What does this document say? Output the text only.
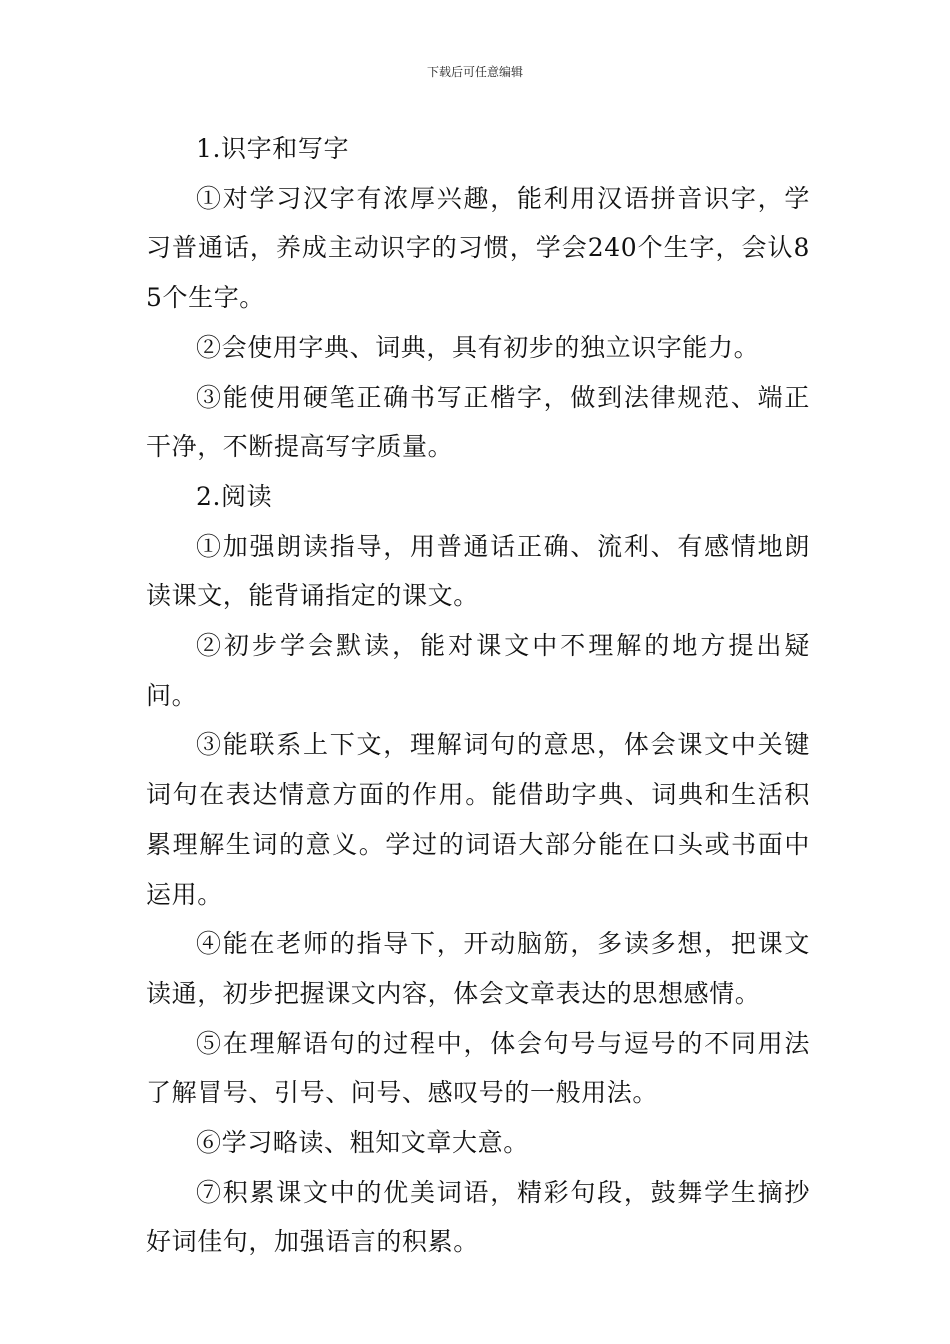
下载后可任意编辑

1.识字和写字

①对学习汉字有浓厚兴趣，能利用汉语拼音识字，学习普通话，养成主动识字的习惯，学会240个生字，会认85个生字。

②会使用字典、词典，具有初步的独立识字能力。

③能使用硬笔正确书写正楷字，做到法律规范、端正干净，不断提高写字质量。

2.阅读

①加强朗读指导，用普通话正确、流利、有感情地朗读课文，能背诵指定的课文。

②初步学会默读，能对课文中不理解的地方提出疑问。

③能联系上下文，理解词句的意思，体会课文中关键词句在表达情意方面的作用。能借助字典、词典和生活积累理解生词的意义。学过的词语大部分能在口头或书面中运用。

④能在老师的指导下，开动脑筋，多读多想，把课文读通，初步把握课文内容，体会文章表达的思想感情。

⑤在理解语句的过程中，体会句号与逗号的不同用法了解冒号、引号、问号、感叹号的一般用法。

⑥学习略读、粗知文章大意。

⑦积累课文中的优美词语，精彩句段，鼓舞学生摘抄好词佳句，加强语言的积累。
